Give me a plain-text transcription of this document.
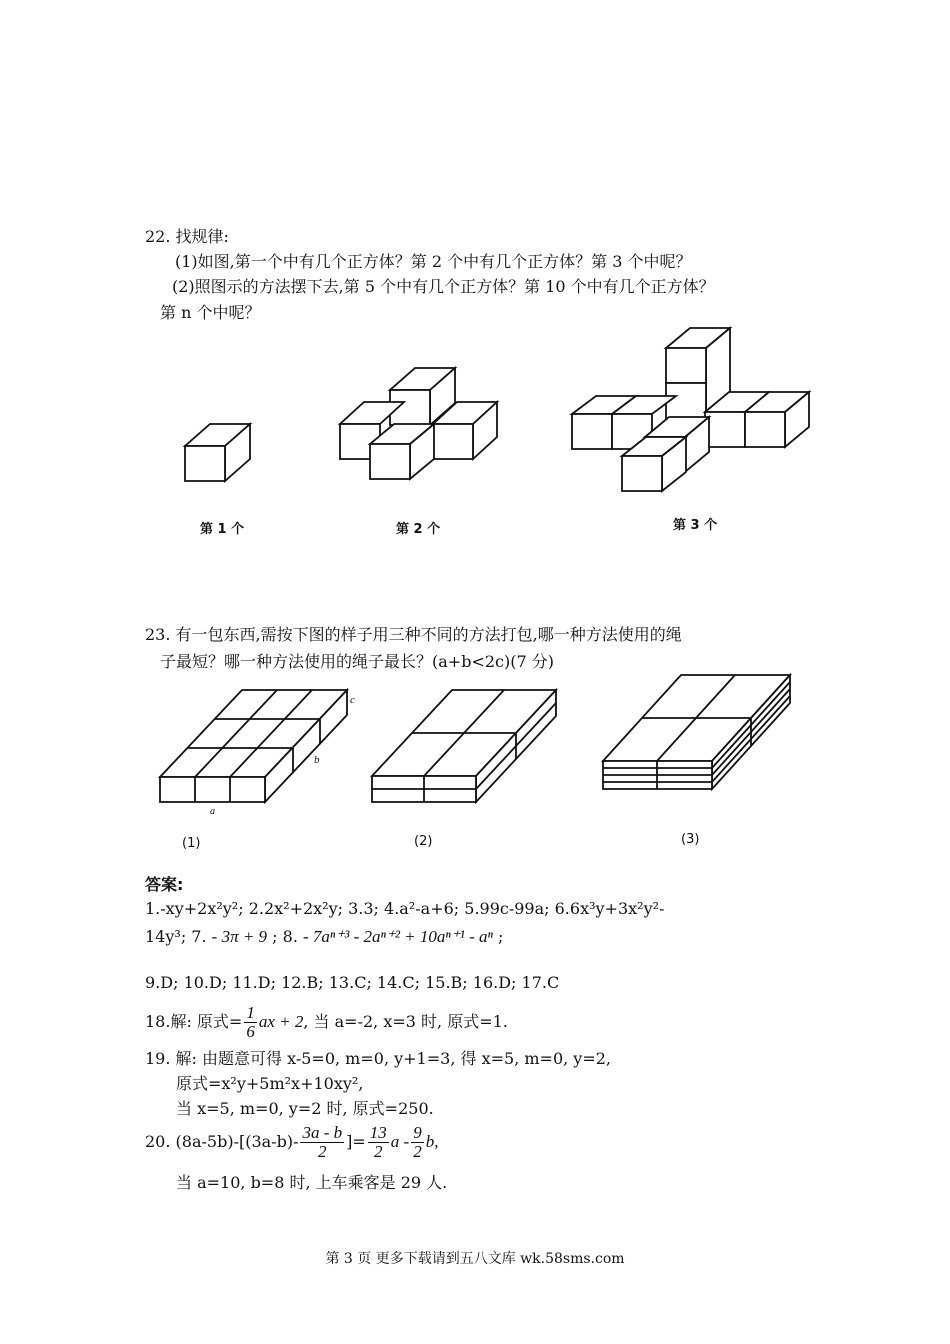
22. 找规律:
(1)如图,第一个中有几个正方体？第 2 个中有几个正方体？第 3 个中呢？
(2)照图示的方法摆下去,第 5 个中有几个正方体？第 10 个中有几个正方体？
第 n 个中呢？
第 1 个	第 2 个	第 3 个
23. 有一包东西,需按下图的样子用三种不同的方法打包,哪一种方法使用的绳
子最短？哪一种方法使用的绳子最长？(a+b<2c)(7 分)
c
b
a
(1)	(2)	(3)
答案:
1.-xy+2x²y²; 2.2x²+2x²y; 3.3; 4.a²-a+6; 5.99c-99a; 6.6x³y+3x²y²-
14y³; 7. - 3π + 9 ; 8. - 7aⁿ⁺³ - 2aⁿ⁺² + 10aⁿ⁺¹ - aⁿ ;
9.D; 10.D; 11.D; 12.B; 13.C; 14.C; 15.B; 16.D; 17.C
18.解: 原式= $\frac{1}{6}$ ax + 2, 当 a=-2, x=3 时, 原式=1.
19. 解: 由题意可得 x-5=0, m=0, y+1=3, 得 x=5, m=0, y=2,
原式=x²y+5m²x+10xy²,
当 x=5, m=0, y=2 时, 原式=250.
20. $(8a-5b)-[(3a-b)- \frac{3a - b}{2}$ ]= $\frac{13}{2}$ a - $\frac{9}{2} b$,
当 a=10, b=8 时, 上车乘客是 29 人.
第 3 页 更多下载请到五八文库 wk.58sms.com
